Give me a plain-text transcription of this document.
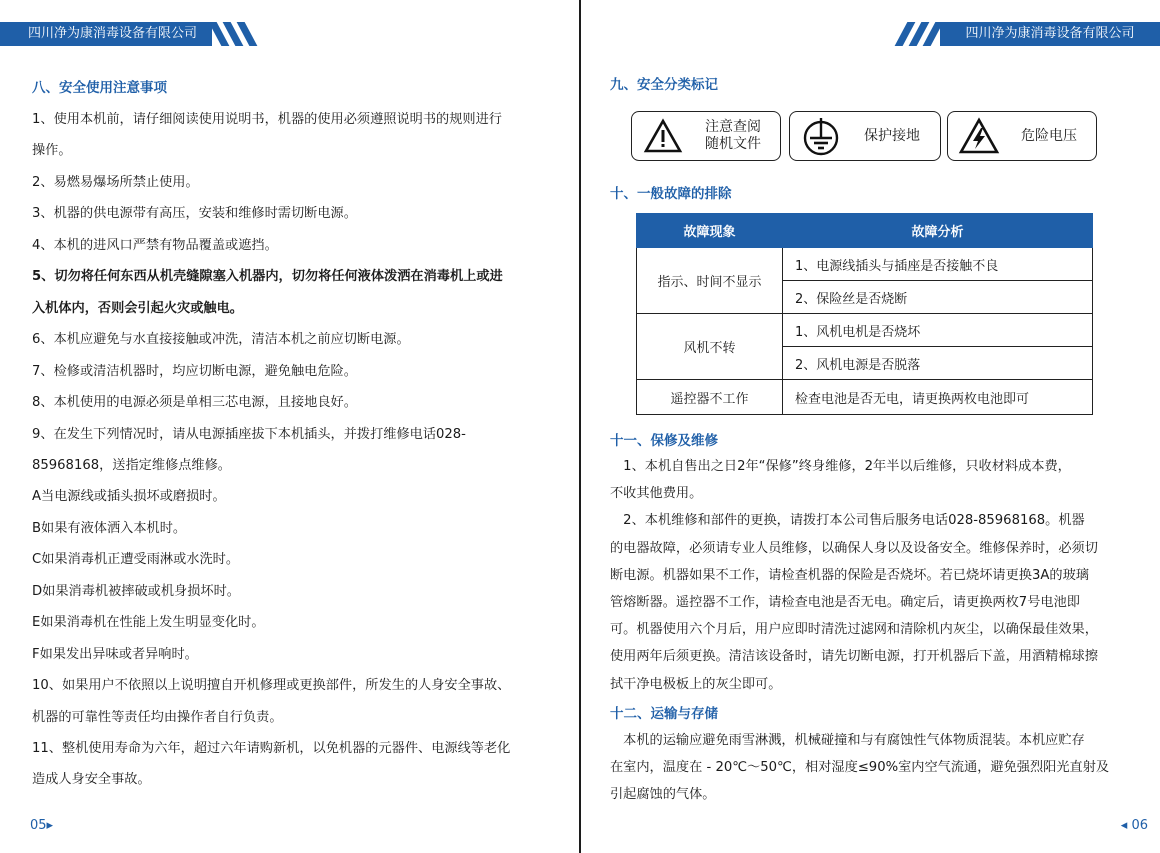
四川净为康消毒设备有限公司
八、安全使用注意事项
1、使用本机前，请仔细阅读使用说明书，机器的使用必须遵照说明书的规则进行
操作。
2、易燃易爆场所禁止使用。
3、机器的供电源带有高压，安装和维修时需切断电源。
4、本机的进风口严禁有物品覆盖或遮挡。
5、切勿将任何东西从机壳缝隙塞入机器内，切勿将任何液体泼洒在消毒机上或进
入机体内，否则会引起火灾或触电。
6、本机应避免与水直接接触或冲洗，清洁本机之前应切断电源。
7、检修或清洁机器时，均应切断电源，避免触电危险。
8、本机使用的电源必须是单相三芯电源，且接地良好。
9、在发生下列情况时，请从电源插座拔下本机插头，并拨打维修电话028-
85968168，送指定维修点维修。
A当电源线或插头损坏或磨损时。
B如果有液体洒入本机时。
C如果消毒机正遭受雨淋或水洗时。
D如果消毒机被摔破或机身损坏时。
E如果消毒机在性能上发生明显变化时。
F如果发出异味或者异响时。
10、如果用户不依照以上说明擅自开机修理或更换部件，所发生的人身安全事故、
机器的可靠性等责任均由操作者自行负责。
11、整机使用寿命为六年，超过六年请购新机，以免机器的元器件、电源线等老化
造成人身安全事故。
05▸
四川净为康消毒设备有限公司
九、安全分类标记
十、一般故障的排除
十一、保修及维修
十二、运输与存储
　1、本机自售出之日2年“保修”终身维修，2年半以后维修，只收材料成本费，
不收其他费用。
　2、本机维修和部件的更换，请拨打本公司售后服务电话028-85968168。机器
的电器故障，必须请专业人员维修，以确保人身以及设备安全。维修保养时，必须切
断电源。机器如果不工作，请检查机器的保险是否烧坏。若已烧坏请更换3A的玻璃
管熔断器。遥控器不工作，请检查电池是否无电。确定后，请更换两枚7号电池即
可。机器使用六个月后，用户应即时清洗过滤网和清除机内灰尘，以确保最佳效果，
使用两年后须更换。清洁该设备时，请先切断电源，打开机器后下盖，用酒精棉球擦
拭干净电极板上的灰尘即可。
　本机的运输应避免雨雪淋溅，机械碰撞和与有腐蚀性气体物质混装。本机应贮存
在室内，温度在 - 20℃～50℃，相对湿度≤90%室内空气流通，避免强烈阳光直射及
引起腐蚀的气体。
◂ 06
注意查阅
随机文件
保护接地	危险电压
故障现象	故障分析
指示、时间不显示	1、电源线插头与插座是否接触不良
	2、保险丝是否烧断
风机不转	1、风机电机是否烧坏
	2、风机电源是否脱落
遥控器不工作	检查电池是否无电，请更换两枚电池即可
